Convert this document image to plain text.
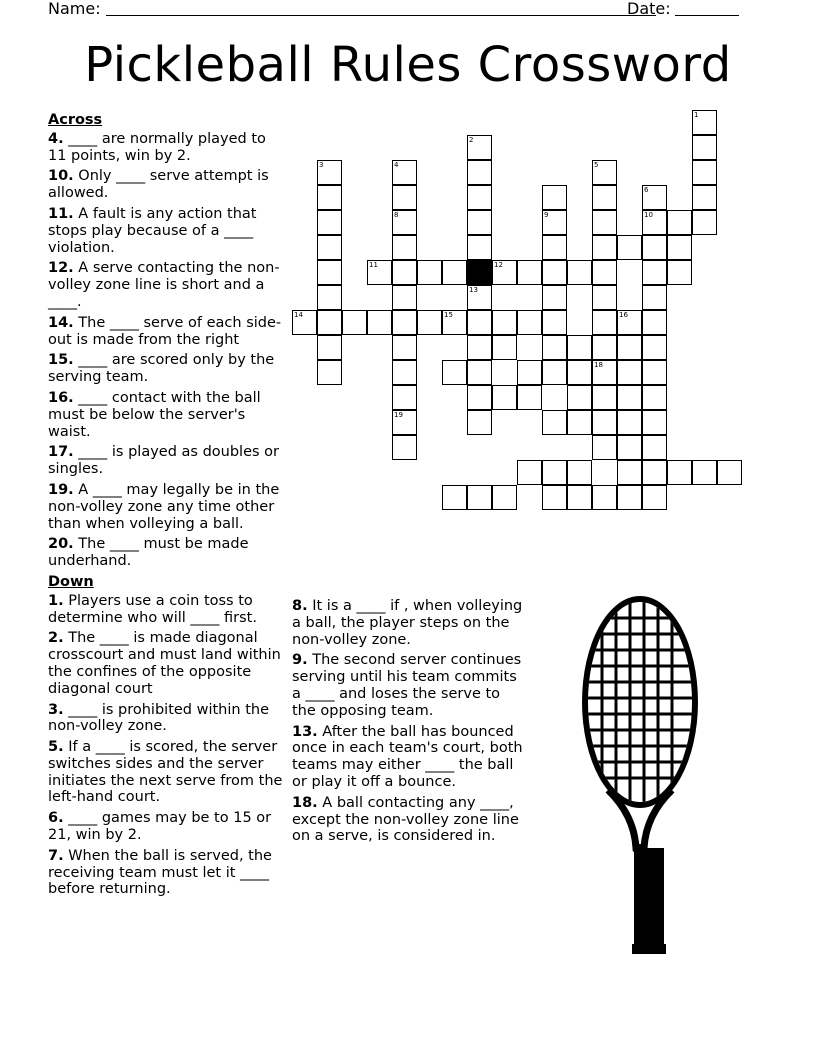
Name:	Date:
Pickleball Rules Crossword
1
2
13
3	4
8
19
5
18
6
10
9
16
15
14
11	12
Across
4. ____ are normally played to 11 points, win by 2.
10. Only ____ serve attempt is allowed.
11. A fault is any action that stops play because of a ____ violation.
12. A serve contacting the non-volley zone line is short and a ____.
14. The ____ serve of each side-out is made from the right
15. ____ are scored only by the serving team.
16. ____ contact with the ball must be below the server's waist.
17. ____ is played as doubles or singles.
19. A ____ may legally be in the non-volley zone any time other than when volleying a ball.
20. The ____ must be made underhand.
Down
1. Players use a coin toss to determine who will ____ first.
2. The ____ is made diagonal crosscourt and must land within the confines of the opposite diagonal court
3. ____ is prohibited within the non-volley zone.
5. If a ____ is scored, the server switches sides and the server initiates the next serve from the left-hand court.
6. ____ games may be to 15 or 21, win by 2.
7. When the ball is served, the receiving team must let it ____ before returning.
8. It is a ____ if , when volleying a ball, the player steps on the non-volley zone.
9. The second server continues serving until his team commits a ____ and loses the serve to the opposing team.
13. After the ball has bounced once in each team's court, both teams may either ____ the ball or play it off a bounce.
18. A ball contacting any ____, except the non-volley zone line on a serve, is considered in.
